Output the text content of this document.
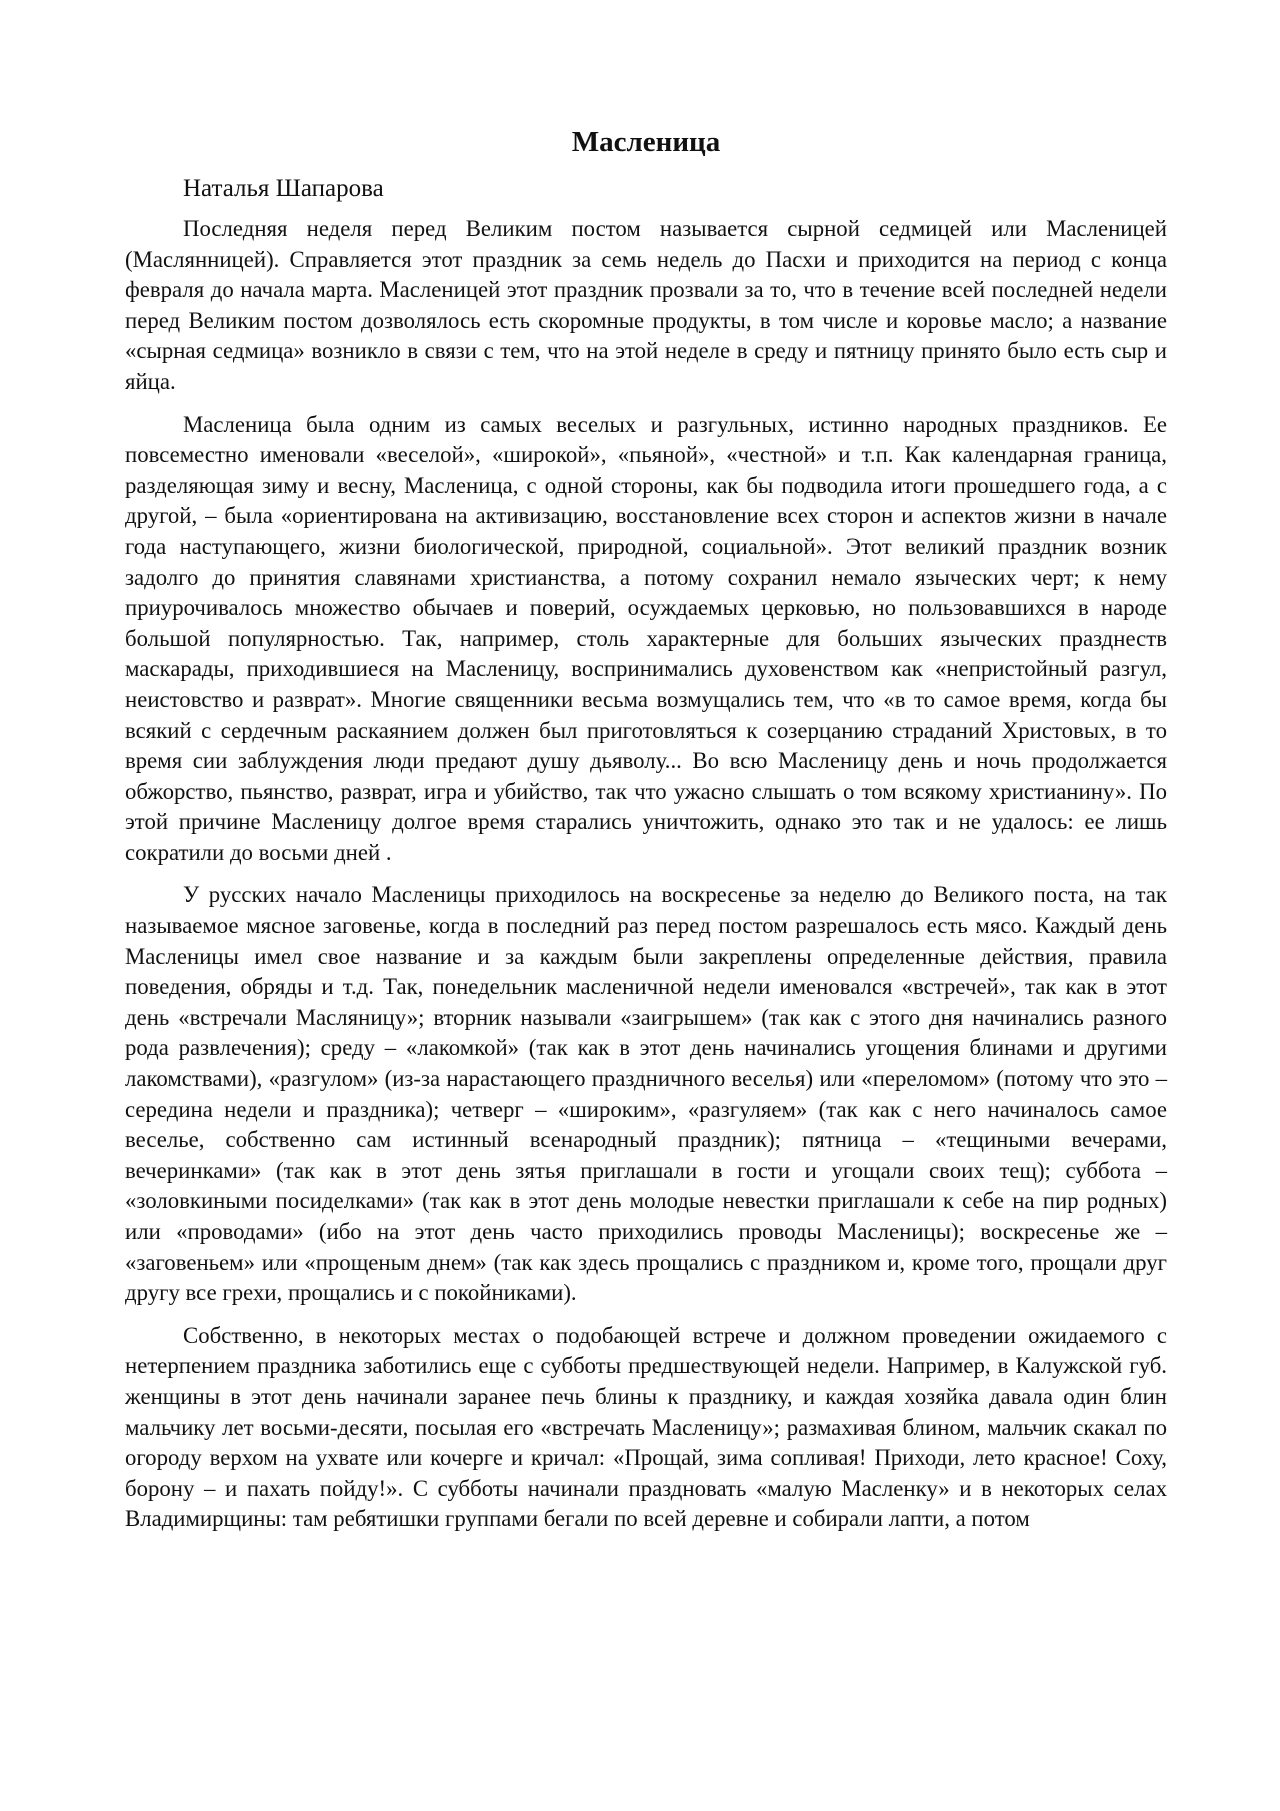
Масленица
Наталья Шапарова

Последняя неделя перед Великим постом называется сырной седмицей или Масленицей (Маслянницей). Справляется этот праздник за семь недель до Пасхи и приходится на период с конца февраля до начала марта. Масленицей этот праздник прозвали за то, что в течение всей последней недели перед Великим постом дозволялось есть скоромные продукты, в том числе и коровье масло; а название «сырная седмица» возникло в связи с тем, что на этой неделе в среду и пятницу принято было есть сыр и яйца.

Масленица была одним из самых веселых и разгульных, истинно народных праздников. Ее повсеместно именовали «веселой», «широкой», «пьяной», «честной» и т.п. Как календарная граница, разделяющая зиму и весну, Масленица, с одной стороны, как бы подводила итоги прошедшего года, а с другой, – была «ориентирована на активизацию, восстановление всех сторон и аспектов жизни в начале года наступающего, жизни биологической, природной, социальной». Этот великий праздник возник задолго до принятия славянами христианства, а потому сохранил немало языческих черт; к нему приурочивалось множество обычаев и поверий, осуждаемых церковью, но пользовавшихся в народе большой популярностью. Так, например, столь характерные для больших языческих празднеств маскарады, приходившиеся на Масленицу, воспринимались духовенством как «непристойный разгул, неистовство и разврат». Многие священники весьма возмущались тем, что «в то самое время, когда бы всякий с сердечным раскаянием должен был приготовляться к созерцанию страданий Христовых, в то время сии заблуждения люди предают душу дьяволу... Во всю Масленицу день и ночь продолжается обжорство, пьянство, разврат, игра и убийство, так что ужасно слышать о том всякому христианину». По этой причине Масленицу долгое время старались уничтожить, однако это так и не удалось: ее лишь сократили до восьми дней .

У русских начало Масленицы приходилось на воскресенье за неделю до Великого поста, на так называемое мясное заговенье, когда в последний раз перед постом разрешалось есть мясо. Каждый день Масленицы имел свое название и за каждым были закреплены определенные действия, правила поведения, обряды и т.д. Так, понедельник масленичной недели именовался «встречей», так как в этот день «встречали Масляницу»; вторник называли «заигрышем» (так как с этого дня начинались разного рода развлечения); среду – «лакомкой» (так как в этот день начинались угощения блинами и другими лакомствами), «разгулом» (из-за нарастающего праздничного веселья) или «переломом» (потому что это – середина недели и праздника); четверг – «широким», «разгуляем» (так как с него начиналось самое веселье, собственно сам истинный всенародный праздник); пятница – «тещиными вечерами, вечеринками» (так как в этот день зятья приглашали в гости и угощали своих тещ); суббота – «золовкиными посиделками» (так как в этот день молодые невестки приглашали к себе на пир родных) или «проводами» (ибо на этот день часто приходились проводы Масленицы); воскресенье же – «заговеньем» или «прощеным днем» (так как здесь прощались с праздником и, кроме того, прощали друг другу все грехи, прощались и с покойниками).

Собственно, в некоторых местах о подобающей встрече и должном проведении ожидаемого с нетерпением праздника заботились еще с субботы предшествующей недели. Например, в Калужской губ. женщины в этот день начинали заранее печь блины к празднику, и каждая хозяйка давала один блин мальчику лет восьми-десяти, посылая его «встречать Масленицу»; размахивая блином, мальчик скакал по огороду верхом на ухвате или кочерге и кричал: «Прощай, зима сопливая! Приходи, лето красное! Соху, борону – и пахать пойду!». С субботы начинали праздновать «малую Масленку» и в некоторых селах Владимирщины: там ребятишки группами бегали по всей деревне и собирали лапти, а потом
